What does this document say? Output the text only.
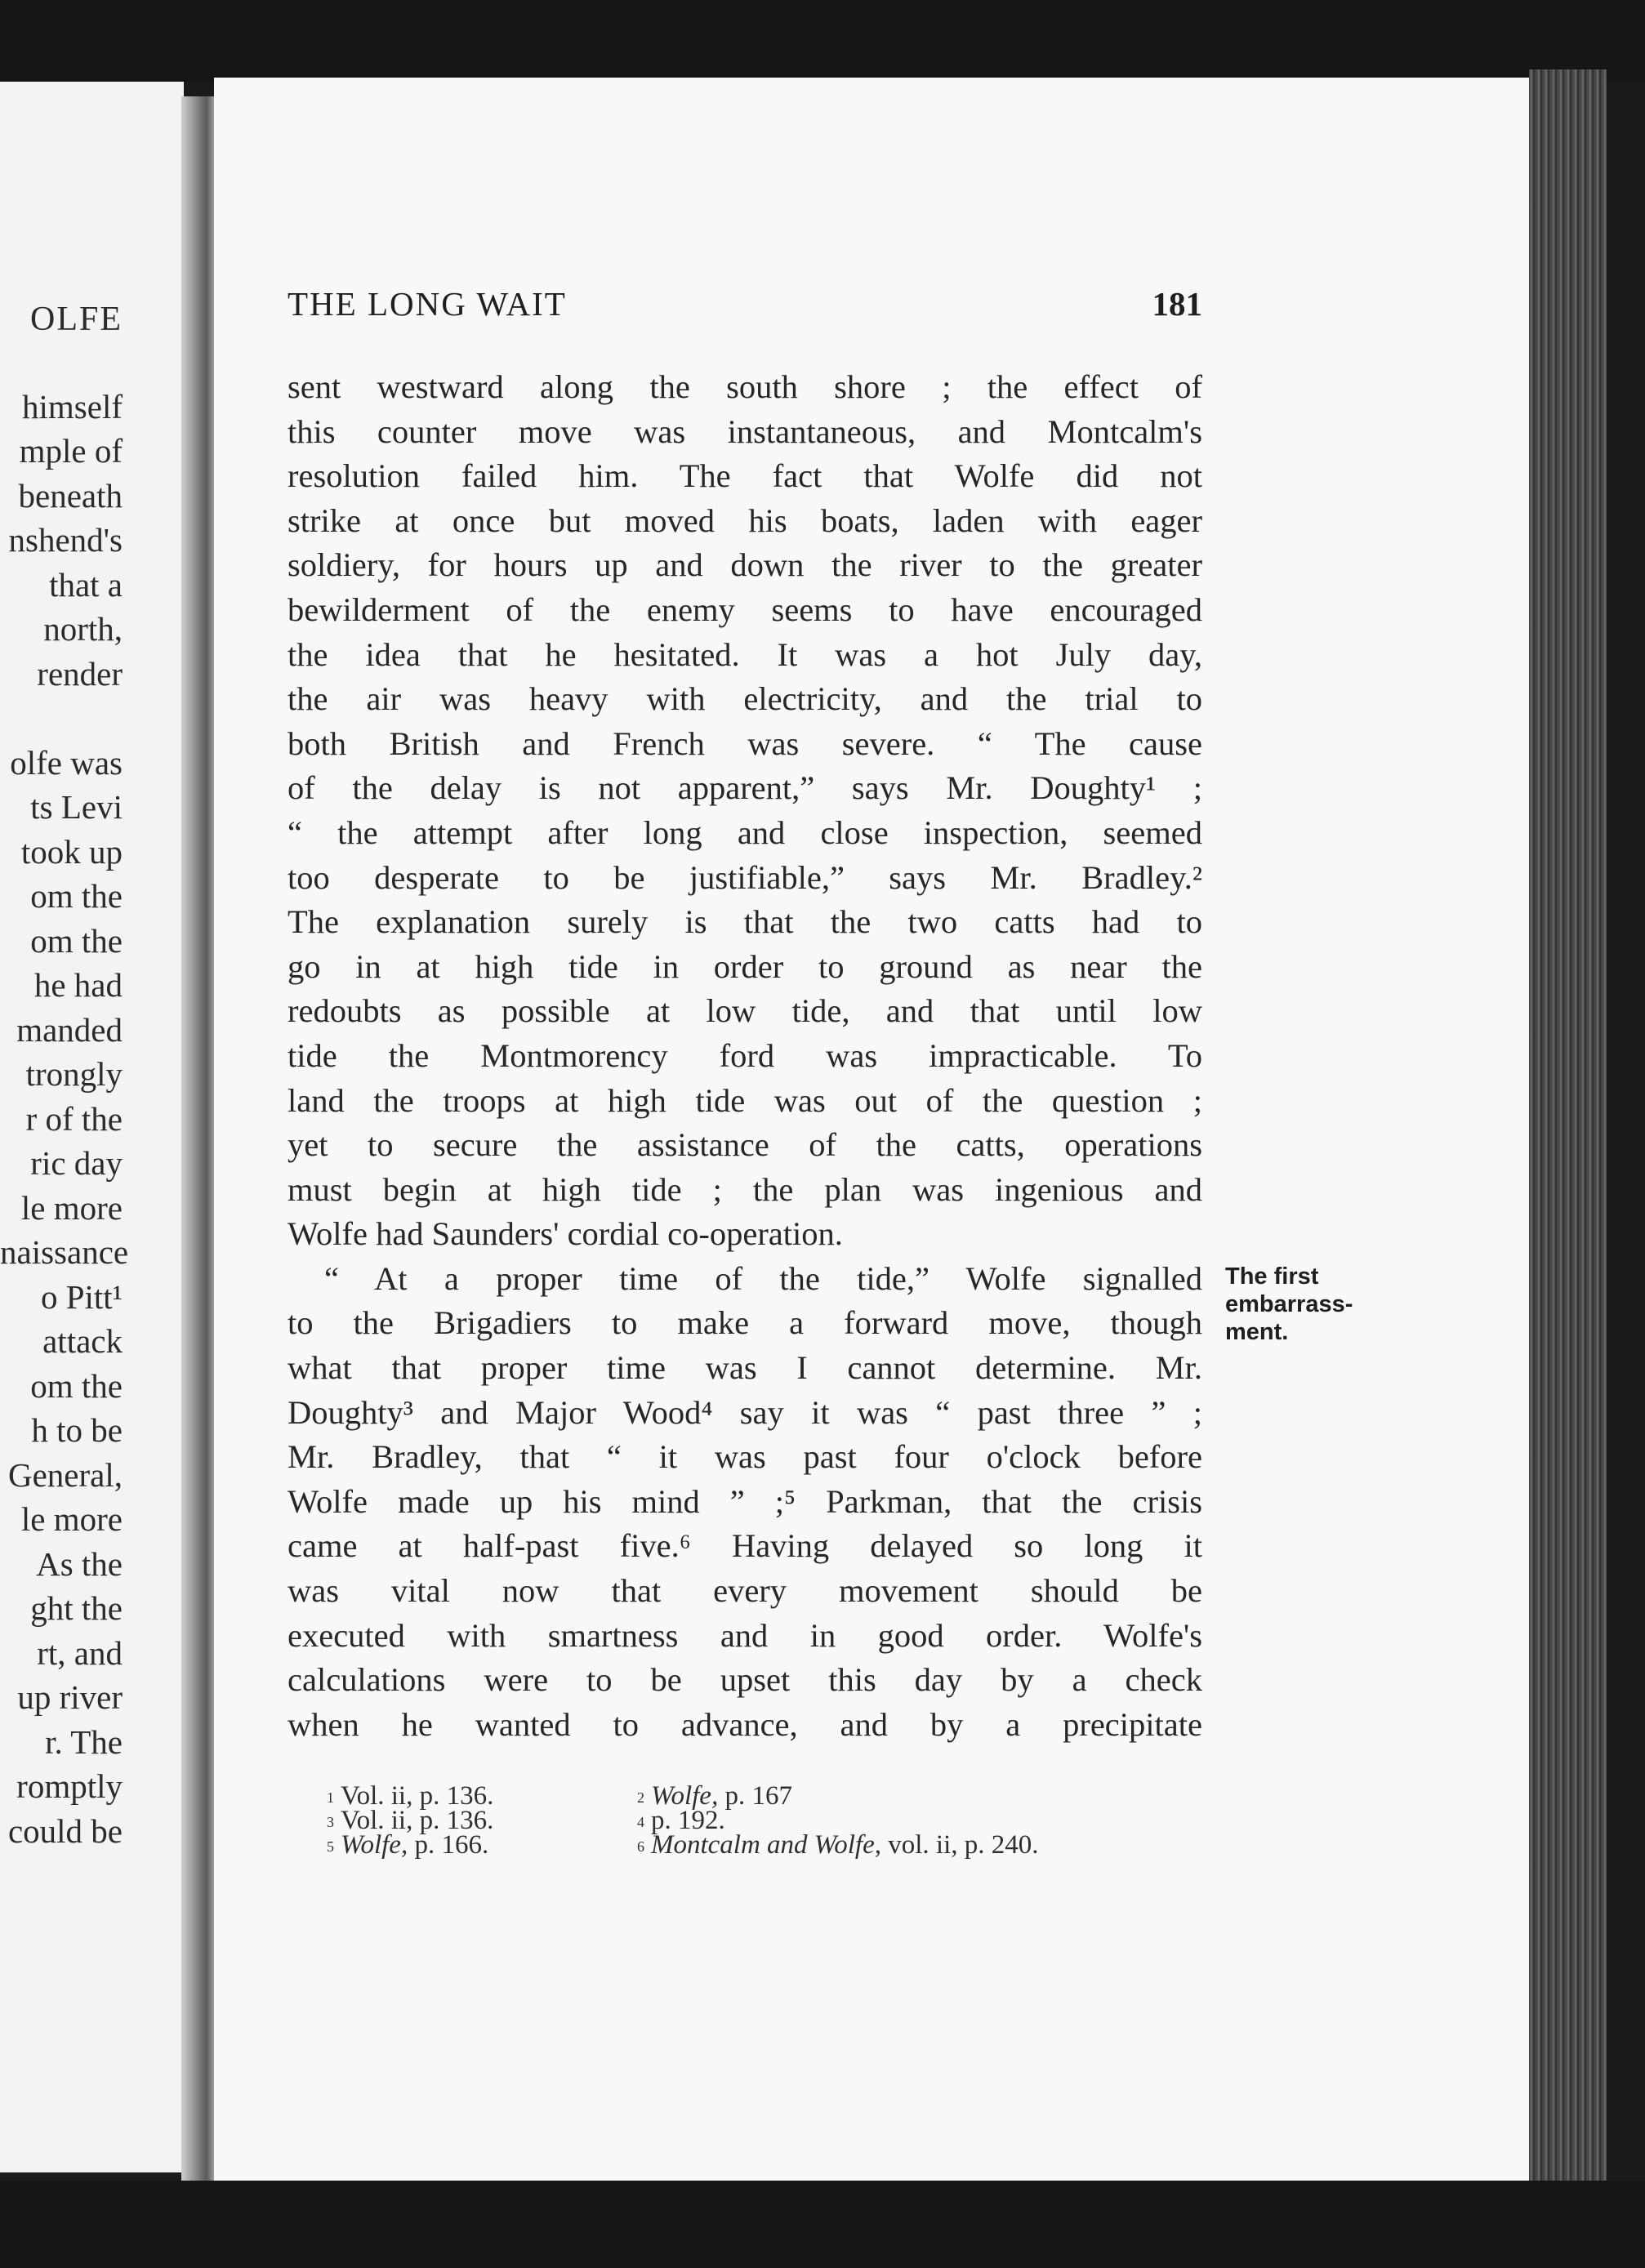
OLFE
himself
mple of
beneath
nshend's
that a
north,
render
olfe was
ts Levi
took up
om the
om the
he had
manded
trongly
r of the
ric day
le more
naissance
o Pitt¹
attack
om the
h to be
General,
le more
As the
ght the
rt, and
up river
r. The
romptly
could be
THE LONG WAIT	181
sent westward along the south shore ; the effect of
this counter move was instantaneous, and Montcalm's
resolution failed him. The fact that Wolfe did not
strike at once but moved his boats, laden with eager
soldiery, for hours up and down the river to the greater
bewilderment of the enemy seems to have encouraged
the idea that he hesitated. It was a hot July day,
the air was heavy with electricity, and the trial to
both British and French was severe. “ The cause
of the delay is not apparent,” says Mr. Doughty¹ ;
“ the attempt after long and close inspection, seemed
too desperate to be justifiable,” says Mr. Bradley.²
The explanation surely is that the two catts had to
go in at high tide in order to ground as near the
redoubts as possible at low tide, and that until low
tide the Montmorency ford was impracticable. To
land the troops at high tide was out of the question ;
yet to secure the assistance of the catts, operations
must begin at high tide ; the plan was ingenious and
Wolfe had Saunders' cordial co-operation.
“ At a proper time of the tide,” Wolfe signalled
to the Brigadiers to make a forward move, though
what that proper time was I cannot determine. Mr.
Doughty³ and Major Wood⁴ say it was “ past three ” ;
Mr. Bradley, that “ it was past four o'clock before
Wolfe made up his mind ” ;⁵ Parkman, that the crisis
came at half-past five.⁶ Having delayed so long it
was vital now that every movement should be
executed with smartness and in good order. Wolfe's
calculations were to be upset this day by a check
when he wanted to advance, and by a precipitate
The first
embarrass-
ment.
$^1$ Vol. ii, p. 136.	$^2$ Wolfe, p. 167
$^3$ Vol. ii, p. 136.	$^4$ p. 192.
$^5$ Wolfe, p. 166.	$^6$ Montcalm and Wolfe, vol. ii, p. 240.
